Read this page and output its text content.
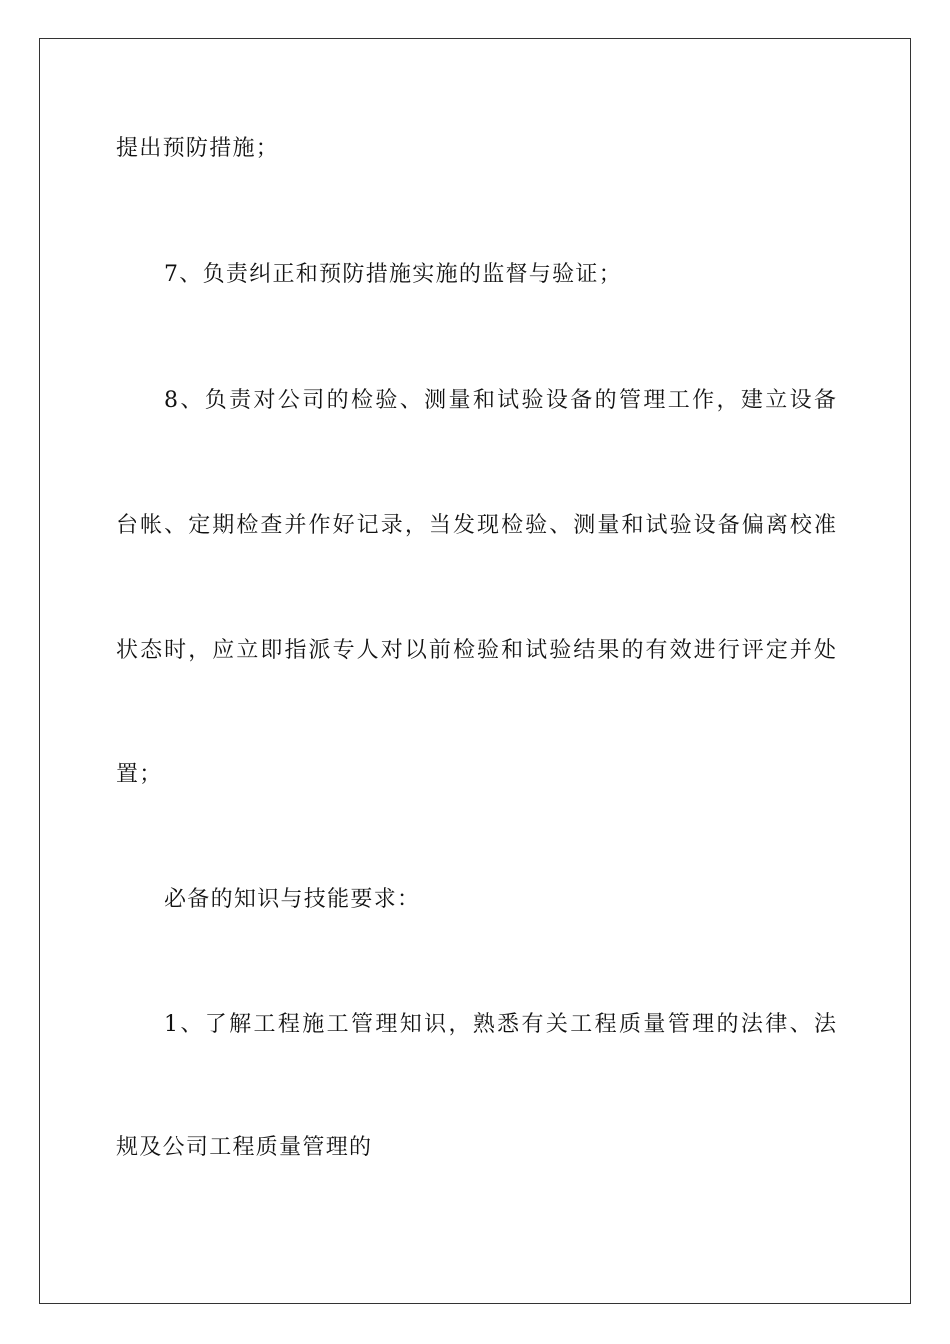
提出预防措施；
7、负责纠正和预防措施实施的监督与验证；
8、负责对公司的检验、测量和试验设备的管理工作，建立设备
台帐、定期检查并作好记录，当发现检验、测量和试验设备偏离校准
状态时，应立即指派专人对以前检验和试验结果的有效进行评定并处
置；
必备的知识与技能要求：
1、了解工程施工管理知识，熟悉有关工程质量管理的法律、法
规及公司工程质量管理的
